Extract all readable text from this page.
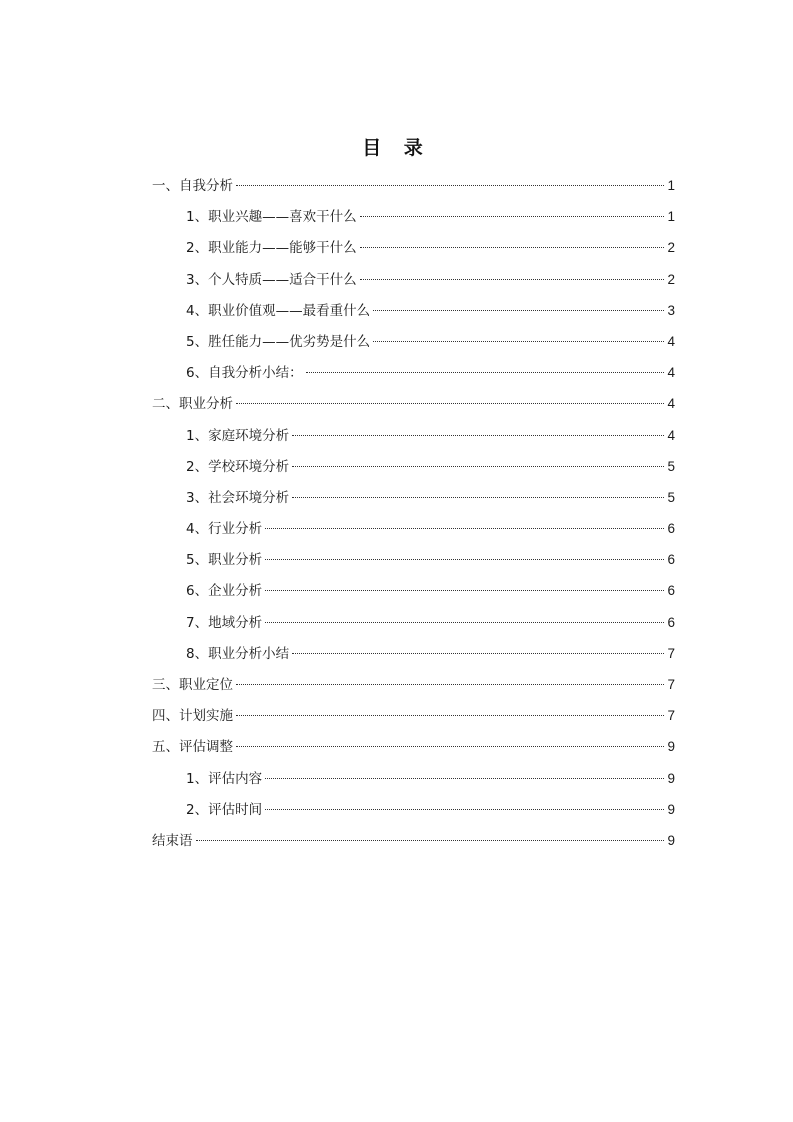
目 录
一、自我分析	1
1、职业兴趣——喜欢干什么	1
2、职业能力——能够干什么	2
3、个人特质——适合干什么	2
4、职业价值观——最看重什么	3
5、胜任能力——优劣势是什么	4
6、自我分析小结：	4
二、职业分析	4
1、家庭环境分析	4
2、学校环境分析	5
3、社会环境分析	5
4、行业分析	6
5、职业分析	6
6、企业分析	6
7、地域分析	6
8、职业分析小结	7
三、职业定位	7
四、计划实施	7
五、评估调整	9
1、评估内容	9
2、评估时间	9
结束语	9
